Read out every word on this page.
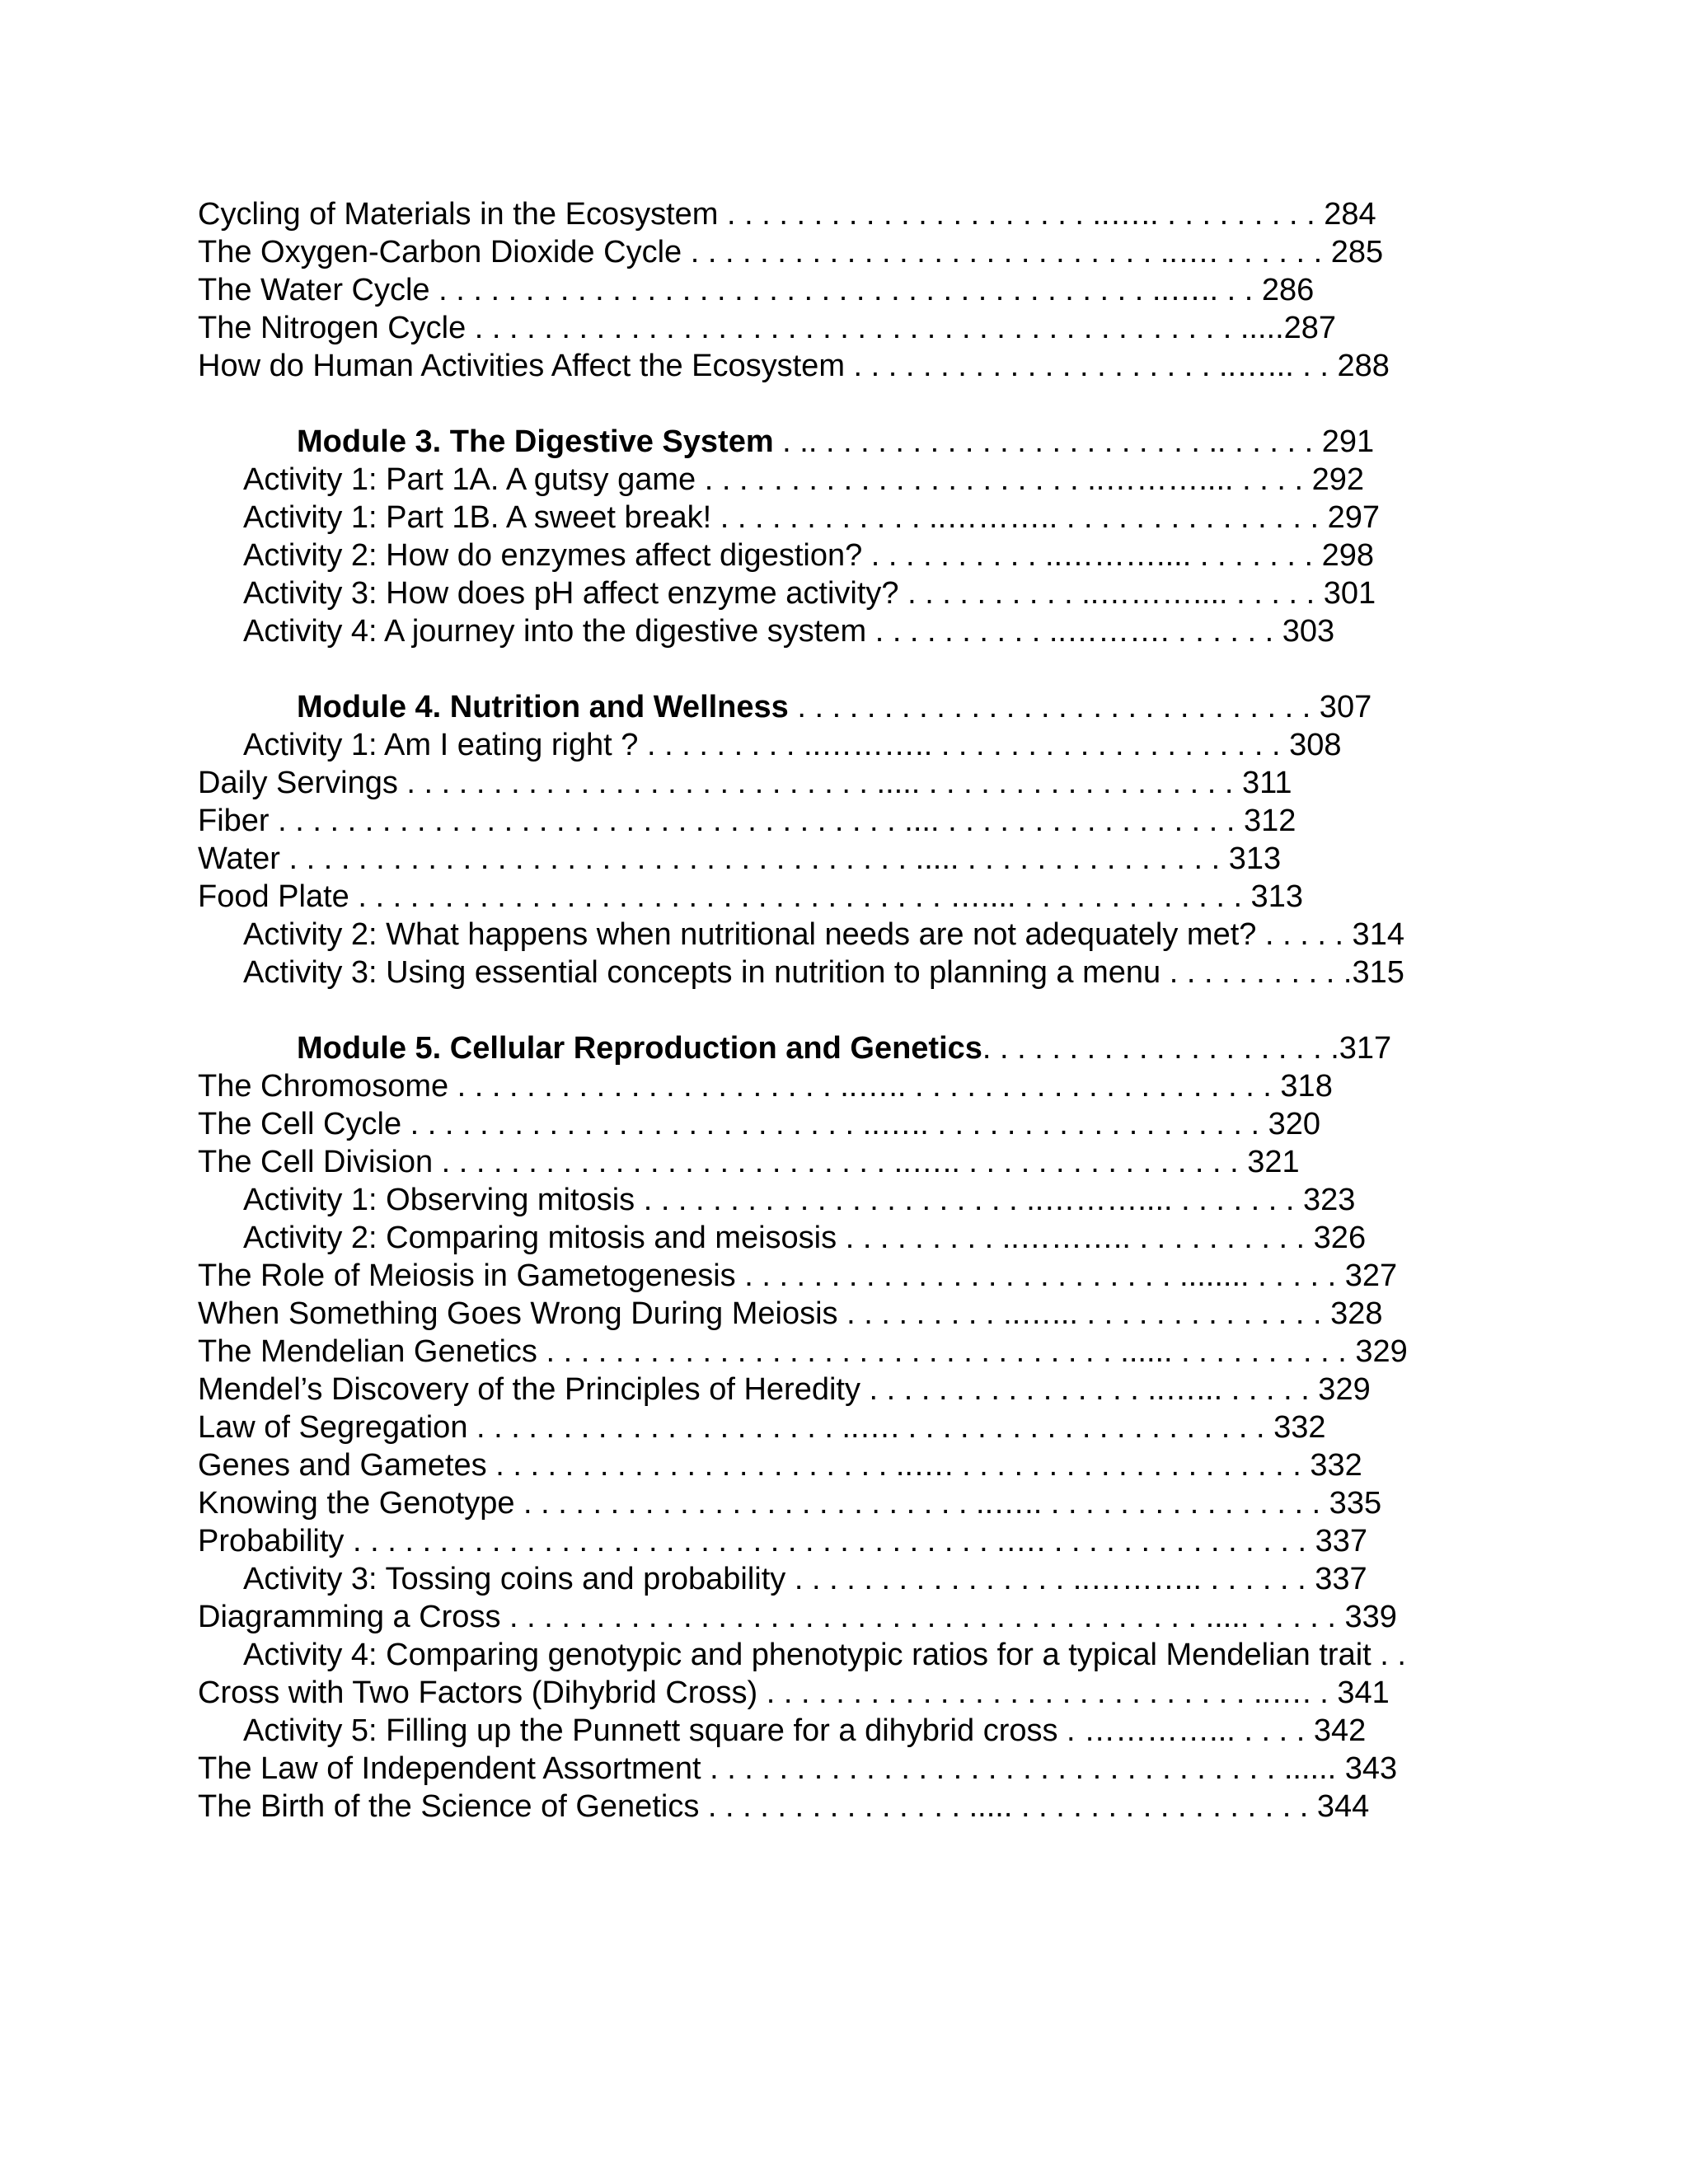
Cycling of Materials in the Ecosystem . . . . . . . . . . . . . . . . . . . . . ..….. . . . . . . . . . 284
The Oxygen-Carbon Dioxide Cycle . . . . . . . . . . . . . . . . . . . . . . . . . . . ..…. . . . . . . 285
The Water Cycle . . . . . . . . . . . . . . . . . . . . . . . . . . . . . . . . . . . . . . . . . ..….. . . 286
The Nitrogen Cycle . . . . . . . . . . . . . . . . . . . . . . . . . . . . . . . . . . . . . . . . . . . . .....287
How do Human Activities Affect the Ecosystem . . . . . . . . . . . . . . . . . . . . . ..…... . . 288
Module 3. The Digestive System . .. . . . . . . . . . . . . . . . . . . . . . . .. . . . . . 291
Activity 1: Part 1A. A gutsy game . . . . . . . . . . . . . . . . . . . . . . ..……….... . . . . 292
Activity 1: Part 1B. A sweet break! . . . . . . . . . . . . ..……….. . . . . . . . . . . . . . . . 297
Activity 2: How do enzymes affect digestion? . . . . . . . . . . ..……….... . . . . . . . 298
Activity 3: How does pH affect enzyme activity? . . . . . . . . . . ..……….... . . . . . 301
Activity 4: A journey into the digestive system . . . . . . . . . . ..………. . . . . . . 303
Module 4. Nutrition and Wellness . . . . . . . . . . . . . . . . . . . . . . . . . . . . . . 307
Activity 1: Am I eating right ? . . . . . . . . . ..……….. . . . . . . . . . . . . . . . . . . . . 308
Daily Servings . . . . . . . . . . . . . . . . . . . . . . . . . . . ..... . . . . . . . . . . . . . . . . . . 311
Fiber . . . . . . . . . . . . . . . . . . . . . . . . . . . . . . . . . . . . .... . . . . . . . . . . . . . . . . . 312
Water . . . . . . . . . . . . . . . . . . . . . . . . . . . . . . . . . . . . ..... . . . . . . . . . . . . . . . 313
Food Plate . . . . . . . . . . . . . . . . . . . . . . . . . . . . . . . . . . ….... . . . . . . . . . . . . . 313
Activity 2: What happens when nutritional needs are not adequately met? . . . . . 314
Activity 3: Using essential concepts in nutrition to planning a menu . . . . . . . . . . .315
Module 5. Cellular Reproduction and Genetics. . . . . . . . . . . . . . . . . . . . .317
The Chromosome . . . . . . . . . . . . . . . . . . . . . . ..….. . . . . . . . . . . . . . . . . . . . . . 318
The Cell Cycle . . . . . . . . . . . . . . . . . . . . . . . . . . ..….. . . . . . . . . . . . . . . . . . . . 320
The Cell Division . . . . . . . . . . . . . . . . . . . . . . . . . . ..….. . . . . . . . . . . . . . . . . 321
Activity 1: Observing mitosis . . . . . . . . . . . . . . . . . . . . . . ..……….... . . . . . . . 323
Activity 2: Comparing mitosis and meisosis . . . . . . . . . ..……….. . . . . . . . . . . 326
The Role of Meiosis in Gametogenesis . . . . . . . . . . . . . . . . . . . . . . . . . ........ . . . . . 327
When Something Goes Wrong During Meiosis . . . . . . . . . ..…... . . . . . . . . . . . . . . 328
The Mendelian Genetics . . . . . . . . . . . . . . . . . . . . . . . . . . . . . . . . . ...... . . . . . . . . . . 329
Mendel’s Discovery of the Principles of Heredity . . . . . . . . . . . . . . . . ..…... . . . . . 329
Law of Segregation . . . . . . . . . . . . . . . . . . . . . ..…. . . . . . . . . . . . . . . . . . . . . . 332
Genes and Gametes . . . . . . . . . . . . . . . . . . . . . . . ..…. . . . . . . . . . . . . . . . . . . . . 332
Knowing the Genotype . . . . . . . . . . . . . . . . . . . . . . . . . . ..….. . . . . . . . . . . . . . . . . 335
Probability . . . . . . . . . . . . . . . . . . . . . . . . . . . . . . . . . . . . . .…. . . . . . . . . . . . . . . . 337
Activity 3: Tossing coins and probability . . . . . . . . . . . . . . . . ..……….. . . . . . . 337
Diagramming a Cross . . . . . . . . . . . . . . . . . . . . . . . . . . . . . . . . . . . . . . . . ..... . . . . . 339
Activity 4: Comparing genotypic and phenotypic ratios for a typical Mendelian trait . .
Cross with Two Factors (Dihybrid Cross) . . . . . . . . . . . . . . . . . . . . . . . . . . . . ..…. . 341
Activity 5: Filling up the Punnett square for a dihybrid cross . …………... . . . . 342
The Law of Independent Assortment . . . . . . . . . . . . . . . . . . . . . . . . . . . . . . . . . ...... 343
The Birth of the Science of Genetics . . . . . . . . . . . . . . . ..... . . . . . . . . . . . . . . . . . 344
